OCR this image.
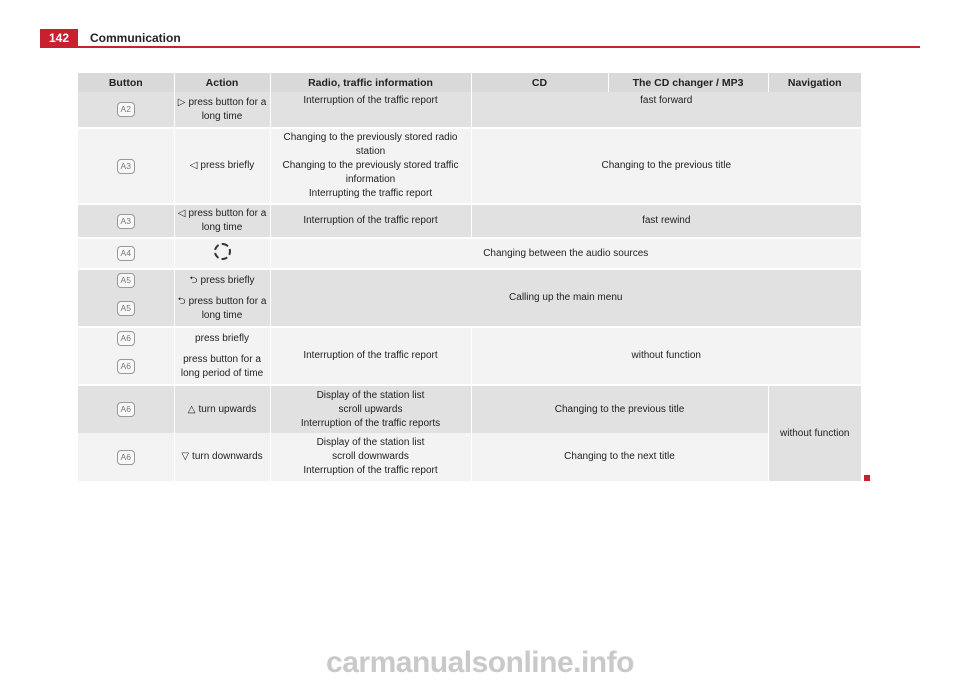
142	Communication
Button	Action	Radio, traffic information	CD	The CD changer / MP3	Navigation
A2	▷ press button for a long time	Interruption of the traffic report	fast forward		
A3	◁ press briefly	Changing to the previously stored radio station
Changing to the previously stored traffic information
Interrupting the traffic report	Changing to the previous title		
A3	◁ press button for a long time	Interruption of the traffic report	fast rewind		
A4		Changing between the audio sources			
A5	⮌ press briefly	Calling up the main menu			
A5	⮌ press button for a long time				
A6	press briefly	Interruption of the traffic report	without function		
A6	press button for a long period of time				
A6	△ turn upwards	Display of the station list
scroll upwards
Interruption of the traffic reports	Changing to the previous title		without function
A6	▽ turn downwards	Display of the station list
scroll downwards
Interruption of the traffic report	Changing to the next title		
carmanualsonline.info
